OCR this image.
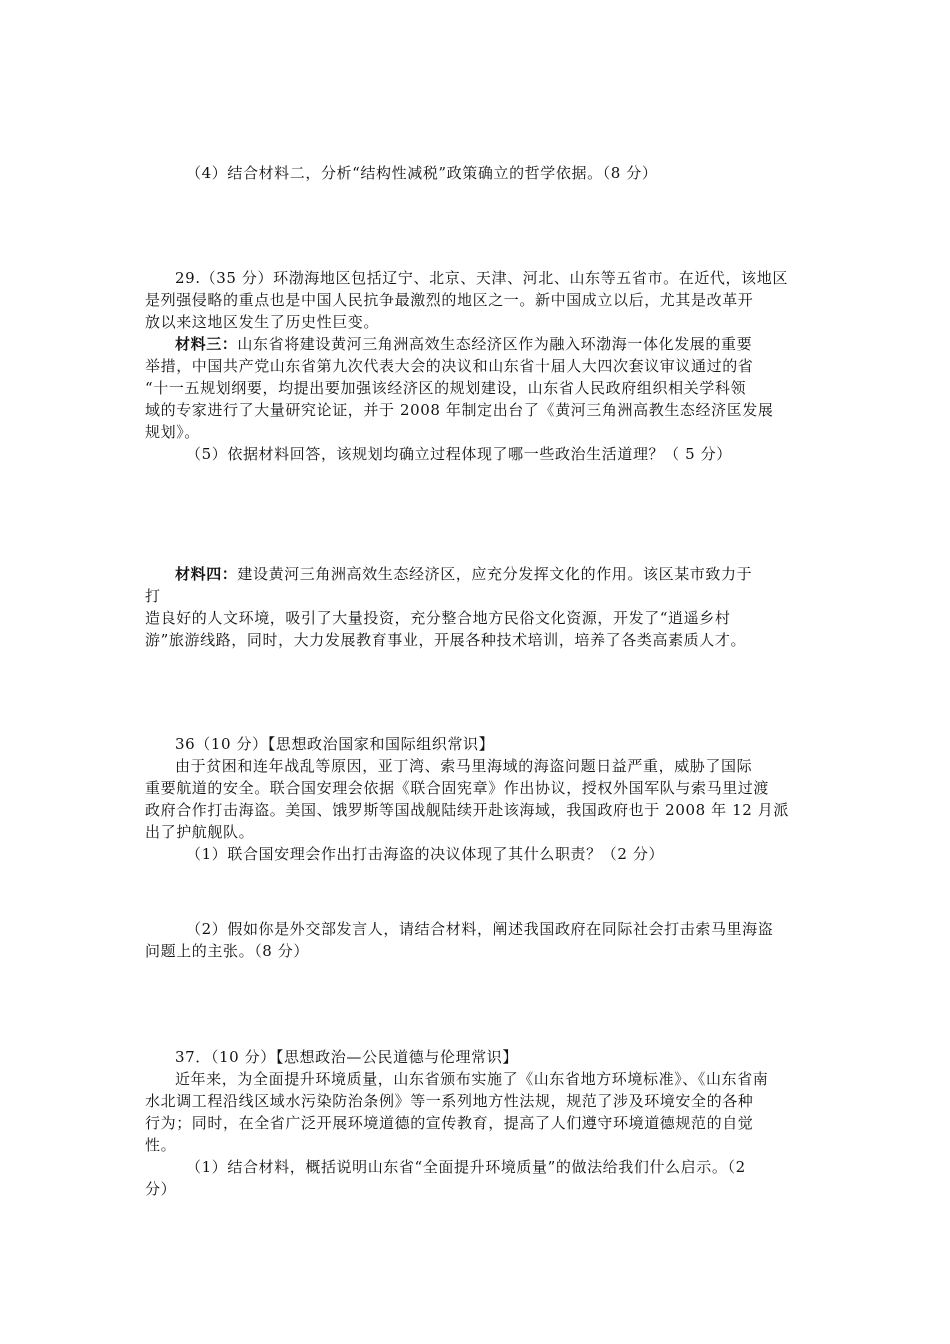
（4）结合材料二，分析“结构性减税”政策确立的哲学依据。（8 分）
29.（35 分）环渤海地区包括辽宁、北京、天津、河北、山东等五省市。在近代，该地区
是列强侵略的重点也是中国人民抗争最激烈的地区之一。新中国成立以后，尤其是改革开
放以来这地区发生了历史性巨变。
材料三：山东省将建设黄河三角洲高效生态经济区作为融入环渤海一体化发展的重要
举措，中国共产党山东省第九次代表大会的决议和山东省十届人大四次套议审议通过的省
“十一五规划纲要，均提出要加强该经济区的规划建设，山东省人民政府组织相关学科领
域的专家进行了大量研究论证，并于 2008 年制定出台了《黄河三角洲高教生态经济匡发展
规划》。
（5）依据材料回答，该规划均确立过程体现了哪一些政治生活道理？（ 5 分）
材料四：建设黄河三角洲高效生态经济区，应充分发挥文化的作用。该区某市致力于
打
造良好的人文环境，吸引了大量投资，充分整合地方民俗文化资源，开发了“逍遥乡村
游”旅游线路，同时，大力发展教育事业，开展各种技术培训，培养了各类高素质人才。
36（10 分）【思想政治国家和国际组织常识】
由于贫困和连年战乱等原因，亚丁湾、索马里海域的海盗问题日益严重，威胁了国际
重要航道的安全。联合国安理会依据《联合固宪章》作出协议，授权外国军队与索马里过渡
政府合作打击海盗。美国、饿罗斯等国战舰陆续开赴该海域，我国政府也于 2008 年 12 月派
出了护航舰队。
（1）联合国安理会作出打击海盗的决议体现了其什么职责？（2 分）
（2）假如你是外交部发言人，请结合材料，阐述我国政府在同际社会打击索马里海盗
问题上的主张。（8 分）
37．（10 分）【思想政治—公民道德与伦理常识】
近年来，为全面提升环境质量，山东省颁布实施了《山东省地方环境标准》、《山东省南
水北调工程沿线区域水污染防治条例》等一系列地方性法规，规范了涉及环境安全的各种
行为；同时，在全省广泛开展环境道德的宣传教育，提高了人们遵守环境道德规范的自觉
性。
（1）结合材料，概括说明山东省“全面提升环境质量”的做法给我们什么启示。（2
分）
